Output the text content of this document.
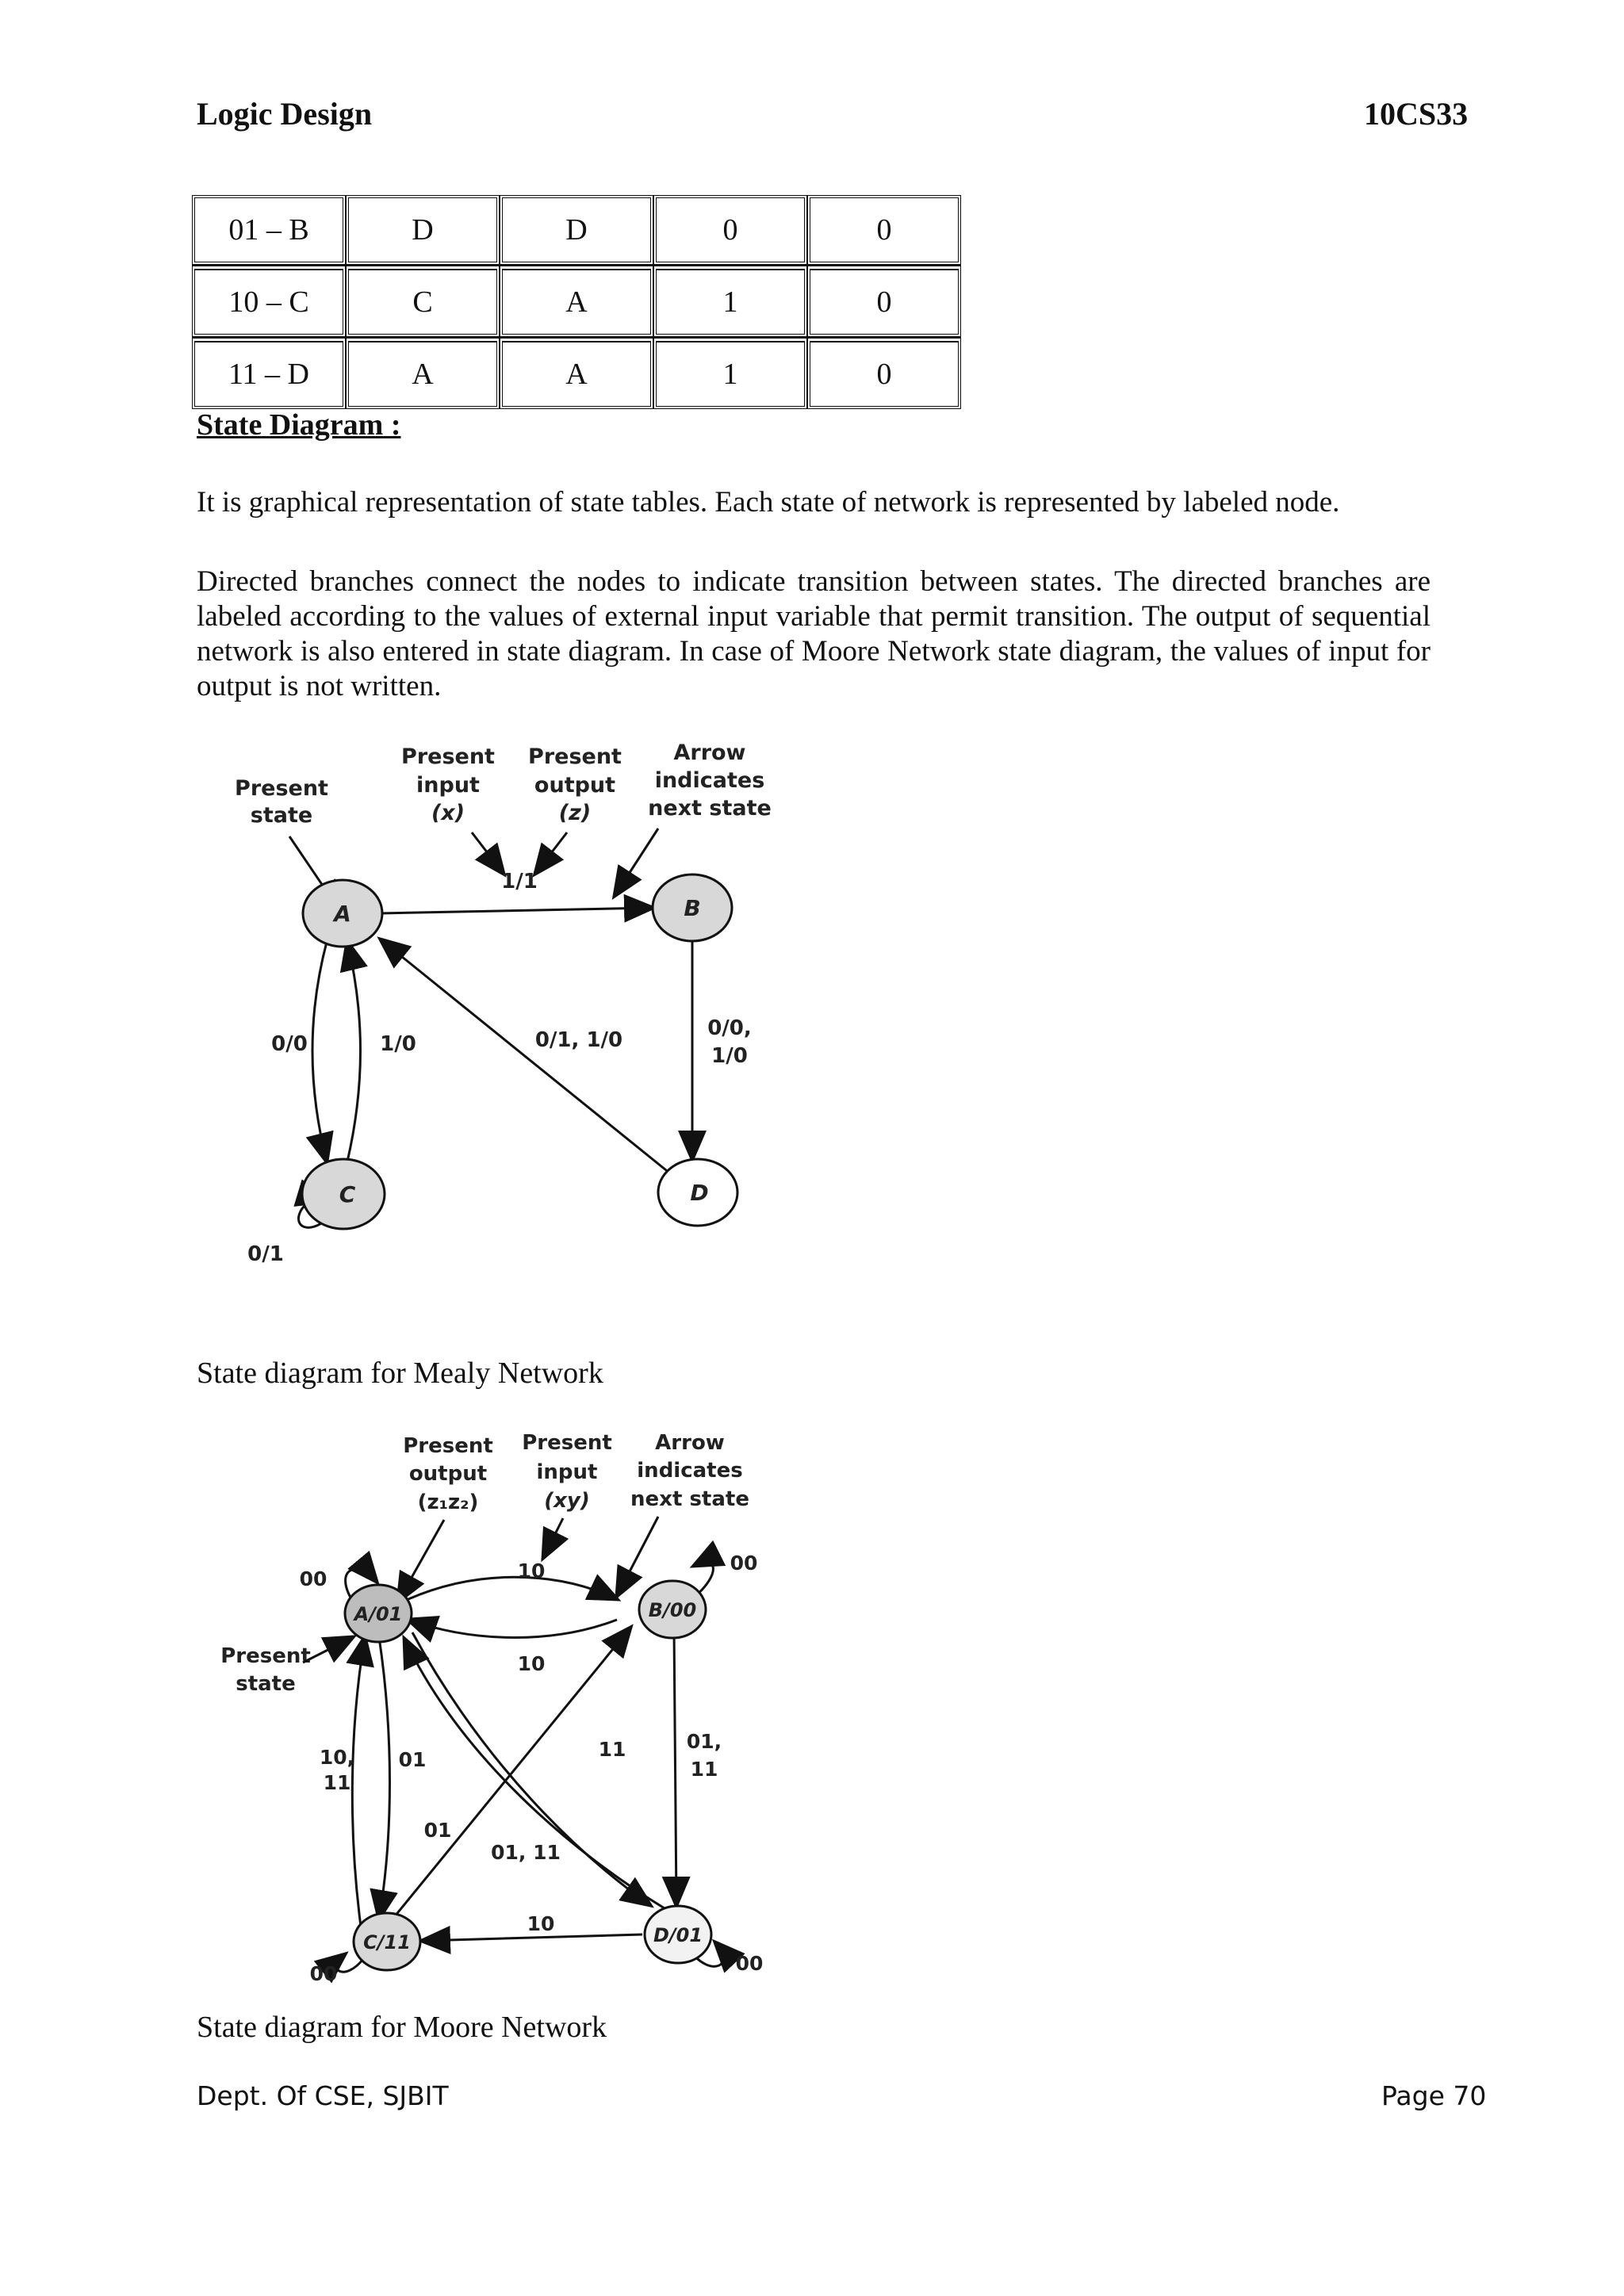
Logic Design	10CS33
01 – B	D	D	0	0
10 – C	C	A	1	0
11 – D	A	A	1	0
State Diagram :
It is graphical representation of state tables. Each state of network is represented by labeled node.
Directed branches connect the nodes to indicate transition between states. The directed branches are labeled according to the values of external input variable that permit transition. The output of sequential network is also entered in state diagram. In case of Moore Network state diagram, the values of input for output is not written.
Present
state
Present
input
(x)
Present
output
(z)
Arrow
indicates
next state
A	B
C	D
1/1
0/0	1/0	0/1, 1/0	0/0,
1/0
0/1
State diagram for Mealy Network
Present
output
(z₁z₂)
Present
input
(xy)
Arrow
indicates
next state
Present
state
A/01	B/00
C/11	D/01
10
10
00
00
00	00
10,
11
01	11	01,
11
01
01, 11
10
State diagram for Moore Network
Dept. Of CSE, SJBIT	Page 70
